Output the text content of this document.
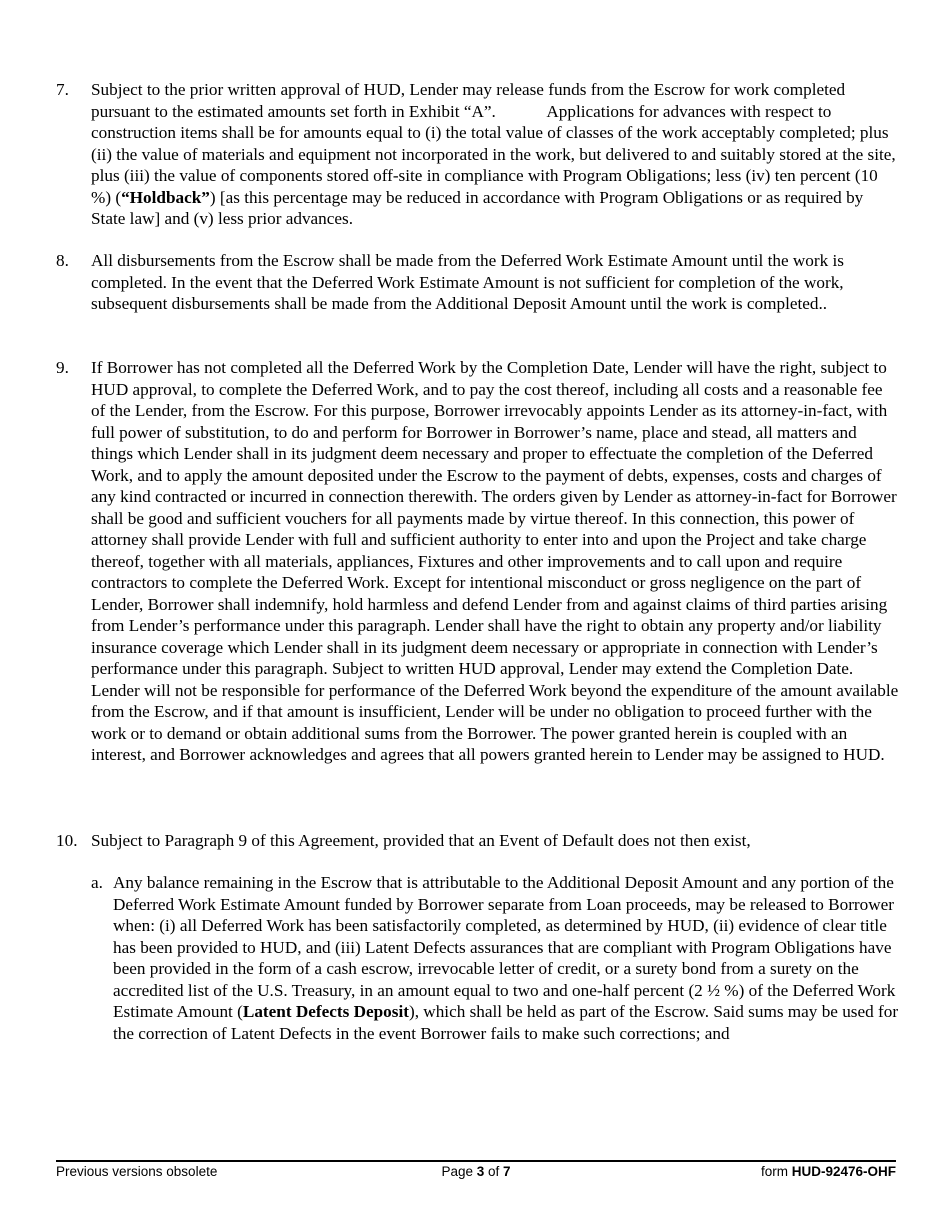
7. Subject to the prior written approval of HUD, Lender may release funds from the Escrow for work completed pursuant to the estimated amounts set forth in Exhibit “A”.            Applications for advances with respect to construction items shall be for amounts equal to (i) the total value of classes of the work acceptably completed; plus (ii) the value of materials and equipment not incorporated in the work, but delivered to and suitably stored at the site, plus (iii) the value of components stored off-site in compliance with Program Obligations; less (iv) ten percent (10 %) (“Holdback”) [as this percentage may be reduced in accordance with Program Obligations or as required by State law] and (v) less prior advances.
8. All disbursements from the Escrow shall be made from the Deferred Work Estimate Amount until the work is completed. In the event that the Deferred Work Estimate Amount is not sufficient for completion of the work, subsequent disbursements shall be made from the Additional Deposit Amount until the work is completed..
9. If Borrower has not completed all the Deferred Work by the Completion Date, Lender will have the right, subject to HUD approval, to complete the Deferred Work, and to pay the cost thereof, including all costs and a reasonable fee of the Lender, from the Escrow. For this purpose, Borrower irrevocably appoints Lender as its attorney-in-fact, with full power of substitution, to do and perform for Borrower in Borrower’s name, place and stead, all matters and things which Lender shall in its judgment deem necessary and proper to effectuate the completion of the Deferred Work, and to apply the amount deposited under the Escrow to the payment of debts, expenses, costs and charges of any kind contracted or incurred in connection therewith. The orders given by Lender as attorney-in-fact for Borrower shall be good and sufficient vouchers for all payments made by virtue thereof. In this connection, this power of attorney shall provide Lender with full and sufficient authority to enter into and upon the Project and take charge thereof, together with all materials, appliances, Fixtures and other improvements and to call upon and require contractors to complete the Deferred Work. Except for intentional misconduct or gross negligence on the part of Lender, Borrower shall indemnify, hold harmless and defend Lender from and against claims of third parties arising from Lender’s performance under this paragraph. Lender shall have the right to obtain any property and/or liability insurance coverage which Lender shall in its judgment deem necessary or appropriate in connection with Lender’s performance under this paragraph. Subject to written HUD approval, Lender may extend the Completion Date. Lender will not be responsible for performance of the Deferred Work beyond the expenditure of the amount available from the Escrow, and if that amount is insufficient, Lender will be under no obligation to proceed further with the work or to demand or obtain additional sums from the Borrower. The power granted herein is coupled with an interest, and Borrower acknowledges and agrees that all powers granted herein to Lender may be assigned to HUD.
10. Subject to Paragraph 9 of this Agreement, provided that an Event of Default does not then exist,
a. Any balance remaining in the Escrow that is attributable to the Additional Deposit Amount and any portion of the Deferred Work Estimate Amount funded by Borrower separate from Loan proceeds, may be released to Borrower when: (i) all Deferred Work has been satisfactorily completed, as determined by HUD, (ii) evidence of clear title has been provided to HUD, and (iii) Latent Defects assurances that are compliant with Program Obligations have been provided in the form of a cash escrow, irrevocable letter of credit, or a surety bond from a surety on the accredited list of the U.S. Treasury, in an amount equal to two and one-half percent (2 ½ %) of the Deferred Work Estimate Amount (Latent Defects Deposit), which shall be held as part of the Escrow. Said sums may be used for the correction of Latent Defects in the event Borrower fails to make such corrections; and
Previous versions obsolete	Page 3 of 7	form HUD-92476-OHF
